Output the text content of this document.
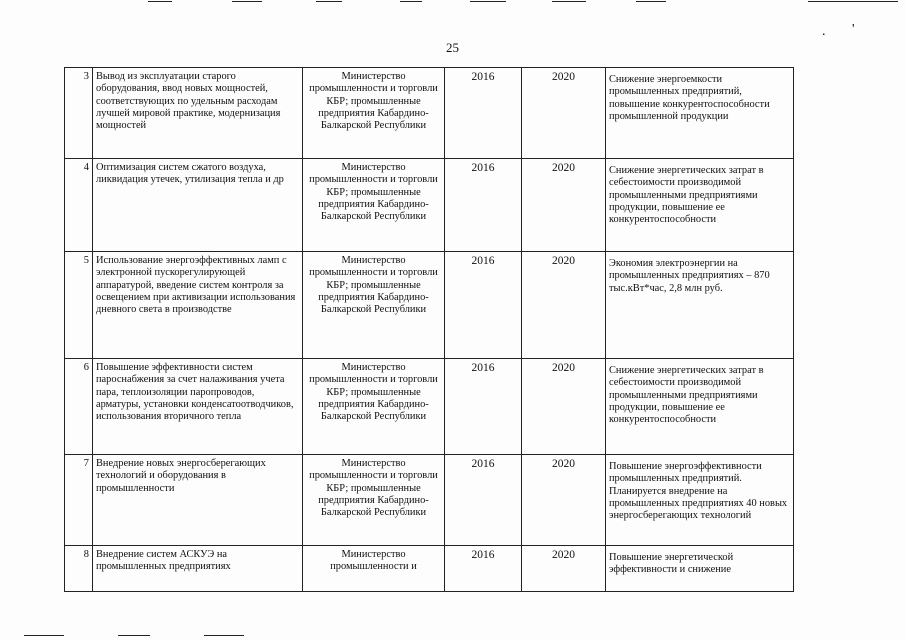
. '
25
3	Вывод из эксплуатации старого оборудования, ввод новых мощностей, соответствующих по удельным расходам лучшей мировой практике, модернизация мощностей	Министерство промышленности и торговли КБР; промышленные предприятия Кабардино-Балкарской Республики	2016	2020	Снижение энергоемкости промышленных предприятий, повышение конкурентоспособности промышленной продукции
4	Оптимизация систем сжатого воздуха, ликвидация утечек, утилизация тепла и др	Министерство промышленности и торговли КБР; промышленные предприятия Кабардино-Балкарской Республики	2016	2020	Снижение энергетических затрат в себестоимости производимой промышленными предприятиями продукции, повышение ее конкурентоспособности
5	Использование энергоэффективных ламп с электронной пускорегулирующей аппаратурой, введение систем контроля за освещением при активизации использования дневного света в производстве	Министерство промышленности и торговли КБР; промышленные предприятия Кабардино-Балкарской Республики	2016	2020	Экономия электроэнергии на промышленных предприятиях – 870 тыс.кВт*час, 2,8 млн руб.
6	Повышение эффективности систем пароснабжения за счет налаживания учета пара, теплоизоляции паропроводов, арматуры, установки конденсатоотводчиков, использования вторичного тепла	Министерство промышленности и торговли КБР; промышленные предприятия Кабардино-Балкарской Республики	2016	2020	Снижение энергетических затрат в себестоимости производимой промышленными предприятиями продукции, повышение ее конкурентоспособности
7	Внедрение новых энергосберегающих технологий и оборудования в промышленности	Министерство промышленности и торговли КБР; промышленные предприятия Кабардино-Балкарской Республики	2016	2020	Повышение энергоэффективности промышленных предприятий. Планируется внедрение на промышленных предприятиях 40 новых энергосберегающих технологий
8	Внедрение систем АСКУЭ на промышленных предприятиях	Министерство промышленности и	2016	2020	Повышение энергетической эффективности и снижение
